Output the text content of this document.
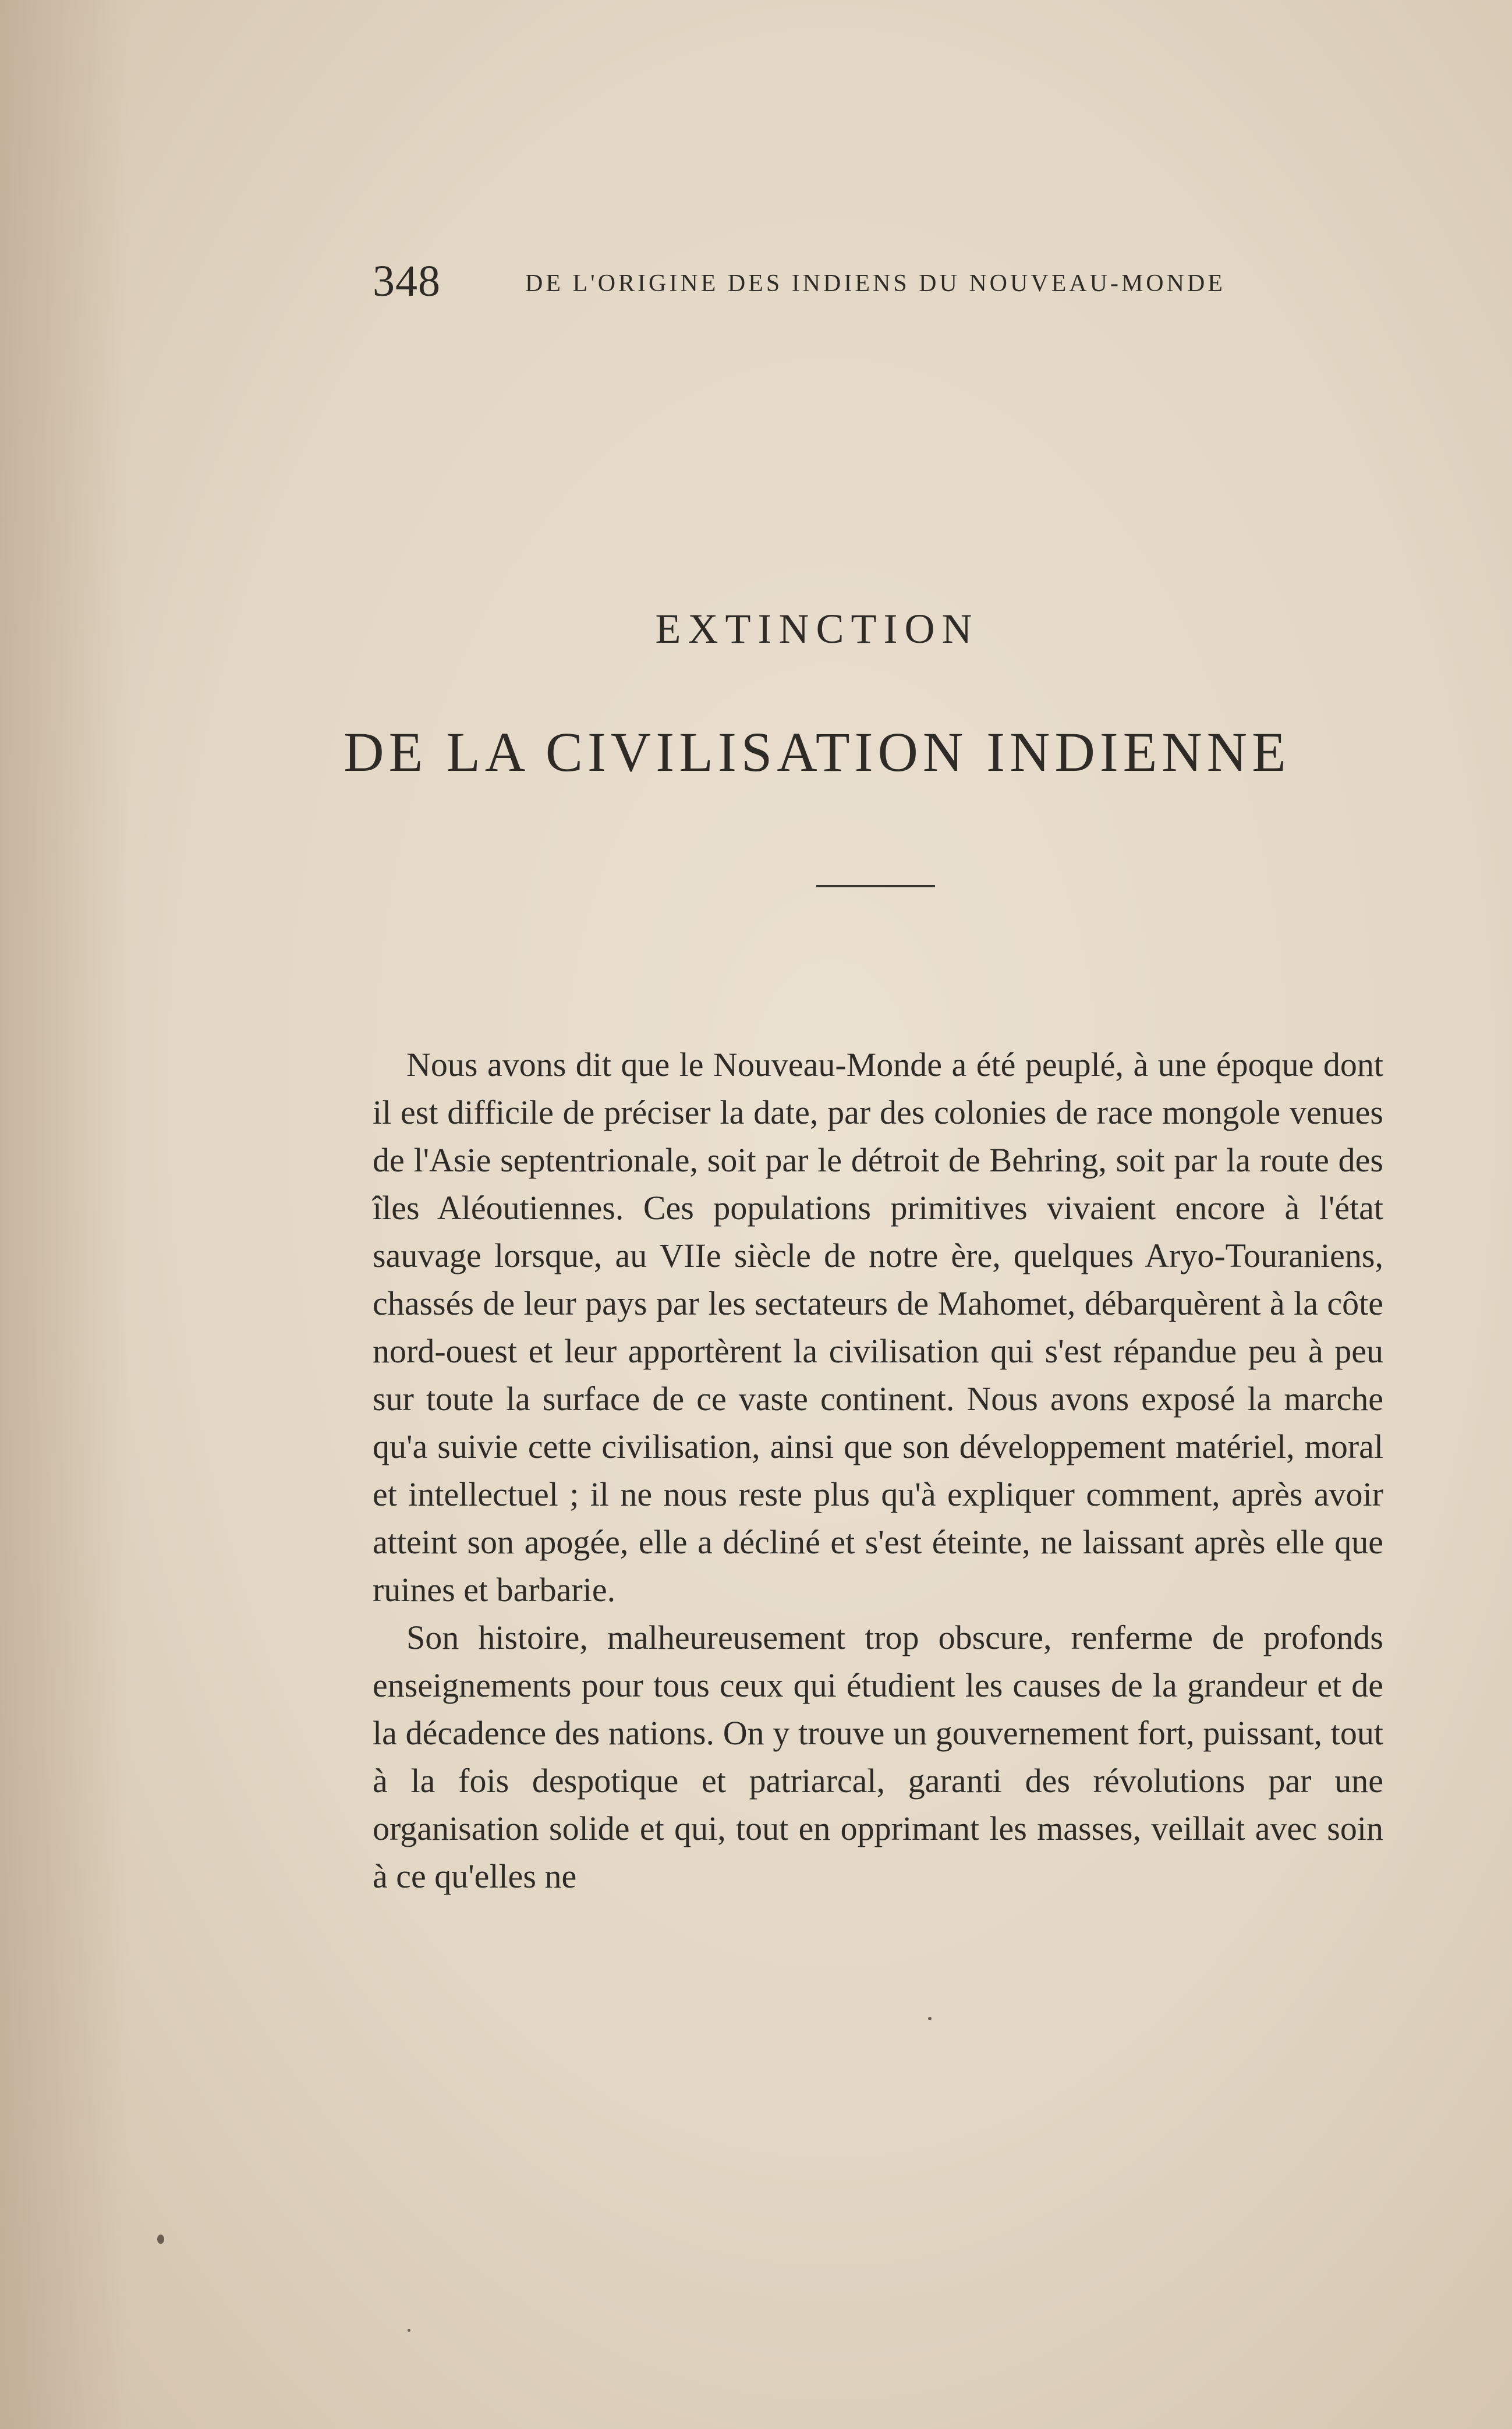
348	DE L'ORIGINE DES INDIENS DU NOUVEAU-MONDE
EXTINCTION
DE LA CIVILISATION INDIENNE

Nous avons dit que le Nouveau-Monde a été peuplé, à une époque dont il est difficile de préciser la date, par des colonies de race mongole venues de l'Asie septentrionale, soit par le détroit de Behring, soit par la route des îles Aléoutiennes. Ces populations primitives vivaient encore à l'état sauvage lorsque, au VIIe siècle de notre ère, quelques Aryo-Touraniens, chassés de leur pays par les sectateurs de Mahomet, débarquèrent à la côte nord-ouest et leur apportèrent la civilisation qui s'est répandue peu à peu sur toute la surface de ce vaste continent. Nous avons exposé la marche qu'a suivie cette civilisation, ainsi que son développement matériel, moral et intellectuel ; il ne nous reste plus qu'à expliquer comment, après avoir atteint son apogée, elle a décliné et s'est éteinte, ne laissant après elle que ruines et barbarie.

Son histoire, malheureusement trop obscure, renferme de profonds enseignements pour tous ceux qui étudient les causes de la grandeur et de la décadence des nations. On y trouve un gouvernement fort, puissant, tout à la fois despotique et patriarcal, garanti des révolutions par une organisation solide et qui, tout en opprimant les masses, veillait avec soin à ce qu'elles ne
